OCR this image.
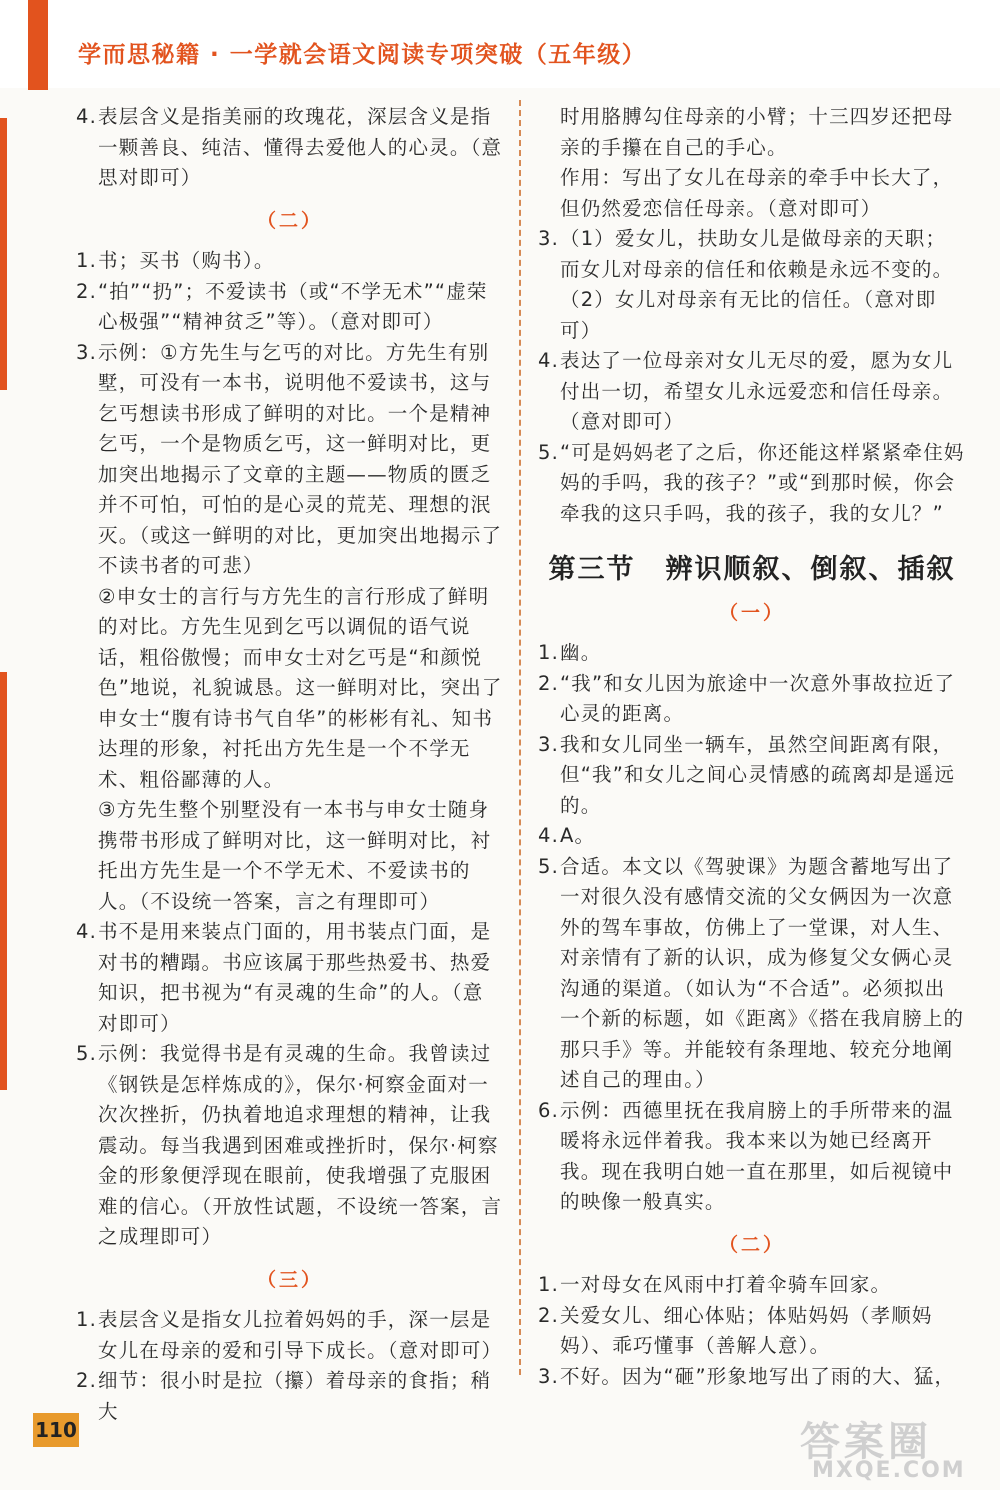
学而思秘籍 · 一学就会语文阅读专项突破（五年级）

4. 表层含义是指美丽的玫瑰花，深层含义是指一颗善良、纯洁、懂得去爱他人的心灵。（意思对即可）

（二）

1. 书；买书（购书）。

2. “拍”“扔”；不爱读书（或“不学无术”“虚荣心极强”“精神贫乏”等）。（意对即可）

3. 示例：①方先生与乞丐的对比。方先生有别墅，可没有一本书，说明他不爱读书，这与乞丐想读书形成了鲜明的对比。一个是精神乞丐，一个是物质乞丐，这一鲜明对比，更加突出地揭示了文章的主题——物质的匮乏并不可怕，可怕的是心灵的荒芜、理想的泯灭。（或这一鲜明的对比，更加突出地揭示了不读书者的可悲）

②申女士的言行与方先生的言行形成了鲜明的对比。方先生见到乞丐以调侃的语气说话，粗俗傲慢；而申女士对乞丐是“和颜悦色”地说，礼貌诚恳。这一鲜明对比，突出了申女士“腹有诗书气自华”的彬彬有礼、知书达理的形象，衬托出方先生是一个不学无术、粗俗鄙薄的人。

③方先生整个别墅没有一本书与申女士随身携带书形成了鲜明对比，这一鲜明对比，衬托出方先生是一个不学无术、不爱读书的人。（不设统一答案，言之有理即可）

4. 书不是用来装点门面的，用书装点门面，是对书的糟蹋。书应该属于那些热爱书、热爱知识，把书视为“有灵魂的生命”的人。（意对即可）

5. 示例：我觉得书是有灵魂的生命。我曾读过《钢铁是怎样炼成的》，保尔·柯察金面对一次次挫折，仍执着地追求理想的精神，让我震动。每当我遇到困难或挫折时，保尔·柯察金的形象便浮现在眼前，使我增强了克服困难的信心。（开放性试题，不设统一答案，言之成理即可）

（三）

1. 表层含义是指女儿拉着妈妈的手，深一层是女儿在母亲的爱和引导下成长。（意对即可）

2. 细节：很小时是拉（攥）着母亲的食指；稍大

时用胳膊勾住母亲的小臂；十三四岁还把母亲的手攥在自己的手心。

作用：写出了女儿在母亲的牵手中长大了，但仍然爱恋信任母亲。（意对即可）

3. （1）爱女儿，扶助女儿是做母亲的天职；而女儿对母亲的信任和依赖是永远不变的。

（2）女儿对母亲有无比的信任。（意对即可）

4. 表达了一位母亲对女儿无尽的爱，愿为女儿付出一切，希望女儿永远爱恋和信任母亲。（意对即可）

5. “可是妈妈老了之后，你还能这样紧紧牵住妈妈的手吗，我的孩子？”或“到那时候，你会牵我的这只手吗，我的孩子，我的女儿？”

第三节 辨识顺叙、倒叙、插叙
（一）

1. 幽。

2. “我”和女儿因为旅途中一次意外事故拉近了心灵的距离。

3. 我和女儿同坐一辆车，虽然空间距离有限，但“我”和女儿之间心灵情感的疏离却是遥远的。

4. A。

5. 合适。本文以《驾驶课》为题含蓄地写出了一对很久没有感情交流的父女俩因为一次意外的驾车事故，仿佛上了一堂课，对人生、对亲情有了新的认识，成为修复父女俩心灵沟通的渠道。（如认为“不合适”。必须拟出一个新的标题，如《距离》《搭在我肩膀上的那只手》等。并能较有条理地、较充分地阐述自己的理由。）

6. 示例：西德里抚在我肩膀上的手所带来的温暖将永远伴着我。我本来以为她已经离开我。现在我明白她一直在那里，如后视镜中的映像一般真实。

（二）

1. 一对母女在风雨中打着伞骑车回家。

2. 关爱女儿、细心体贴；体贴妈妈（孝顺妈妈）、乖巧懂事（善解人意）。

3. 不好。因为“砸”形象地写出了雨的大、猛，

110	答案圈
MXQE.COM
